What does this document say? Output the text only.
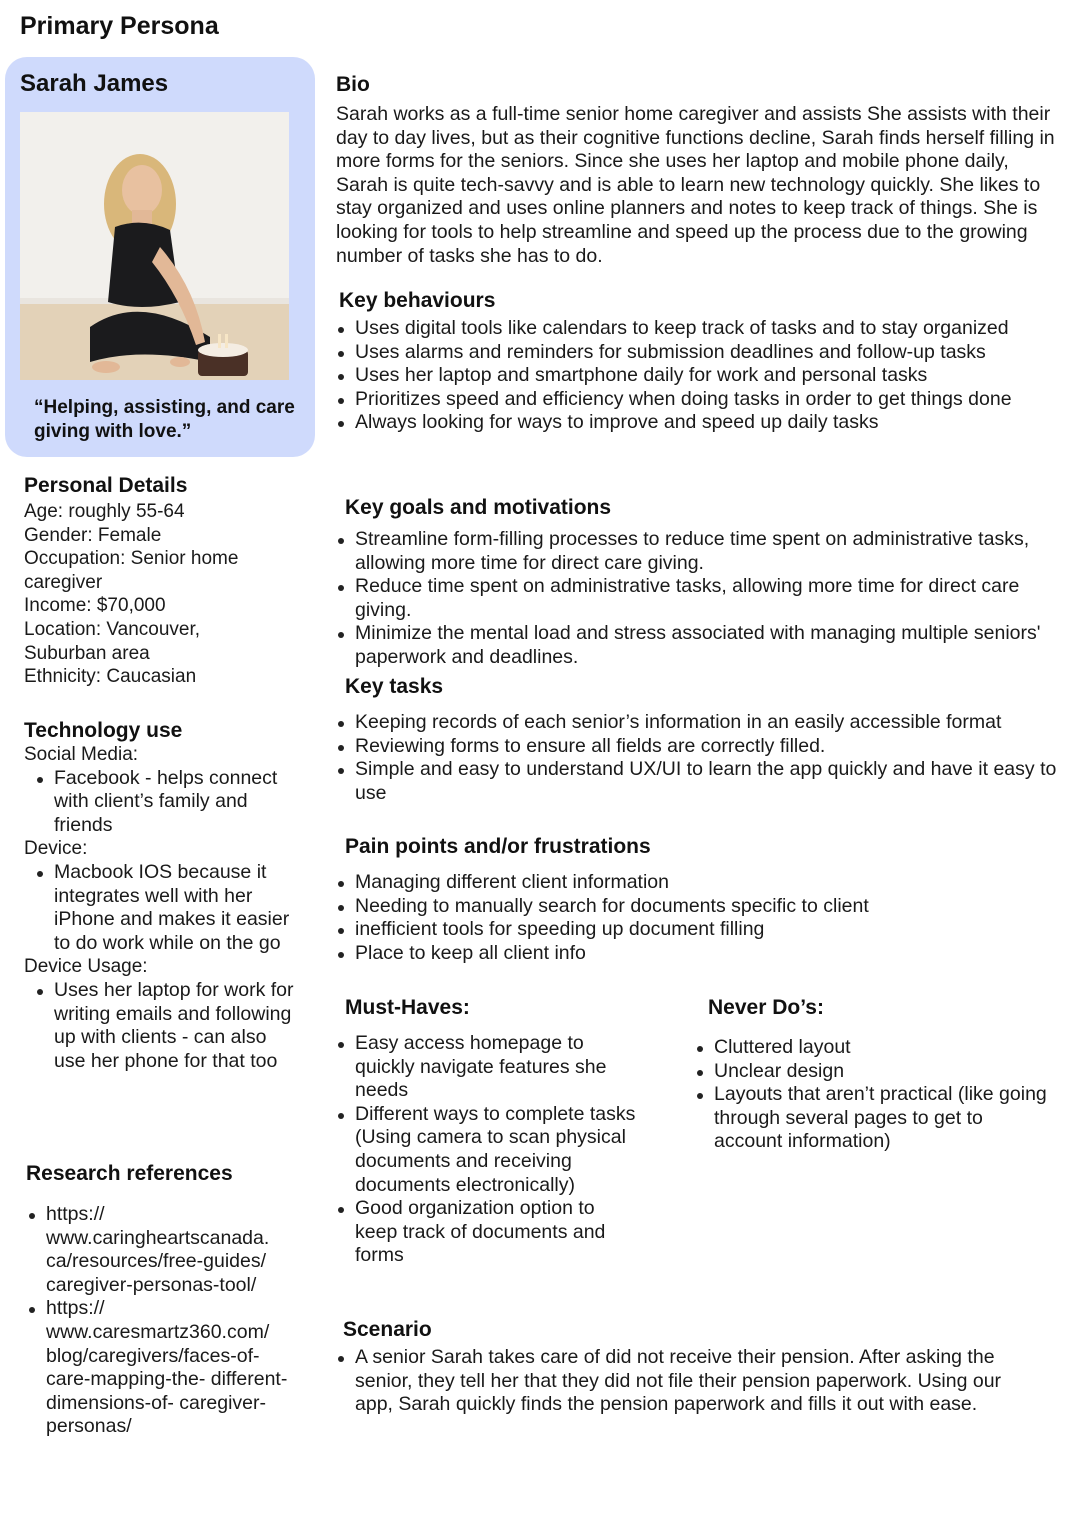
Primary Persona
Sarah James
“Helping, assisting, and care giving with love.”
Personal Details
Age: roughly 55-64
Gender: Female
Occupation: Senior home
caregiver
Income: $70,000
Location: Vancouver,
Suburban area
Ethnicity: Caucasian
Technology use
Social Media:
Facebook - helps connect with client’s family and friends
Device:
Macbook IOS because it integrates well with her iPhone and makes it easier to do work while on the go
Device Usage:
Uses her laptop for work for writing emails and following up with clients - can also use her phone for that too
Research references
https:// www.caringheartscanada. ca/resources/free-guides/ caregiver-personas-tool/
https:// www.caresmartz360.com/ blog/caregivers/faces-of- care-mapping-the- different-dimensions-of- caregiver-personas/
Bio
Sarah works as a full-time senior home caregiver and assists She assists with their day to day lives, but as their cognitive functions decline, Sarah finds herself filling in more forms for the seniors. Since she uses her laptop and mobile phone daily, Sarah is quite tech-savvy and is able to learn new technology quickly. She likes to stay organized and uses online planners and notes to keep track of things. She is looking for tools to help streamline and speed up the process due to the growing number of tasks she has to do.
Key behaviours
Uses digital tools like calendars to keep track of tasks and to stay organized
Uses alarms and reminders for submission deadlines and follow-up tasks
Uses her laptop and smartphone daily for work and personal tasks
Prioritizes speed and efficiency when doing tasks in order to get things done
Always looking for ways to improve and speed up daily tasks
Key goals and motivations
Streamline form-filling processes to reduce time spent on administrative tasks, allowing more time for direct care giving.
Reduce time spent on administrative tasks, allowing more time for direct care giving.
Minimize the mental load and stress associated with managing multiple seniors' paperwork and deadlines.
Key tasks
Keeping records of each senior’s information in an easily accessible format
Reviewing forms to ensure all fields are correctly filled.
Simple and easy to understand UX/UI to learn the app quickly and have it easy to use
Pain points and/or frustrations
Managing different client information
Needing to manually search for documents specific to client
inefficient tools for speeding up document filling
Place to keep all client info
Must-Haves:
Easy access homepage to quickly navigate features she needs
Different ways to complete tasks (Using camera to scan physical documents and receiving documents electronically)
Good organization option to keep track of documents and forms
Never Do’s:
Cluttered layout
Unclear design
Layouts that aren’t practical (like going through several pages to get to account information)
Scenario
A senior Sarah takes care of did not receive their pension. After asking the senior, they tell her that they did not file their pension paperwork. Using our app, Sarah quickly finds the pension paperwork and fills it out with ease.
